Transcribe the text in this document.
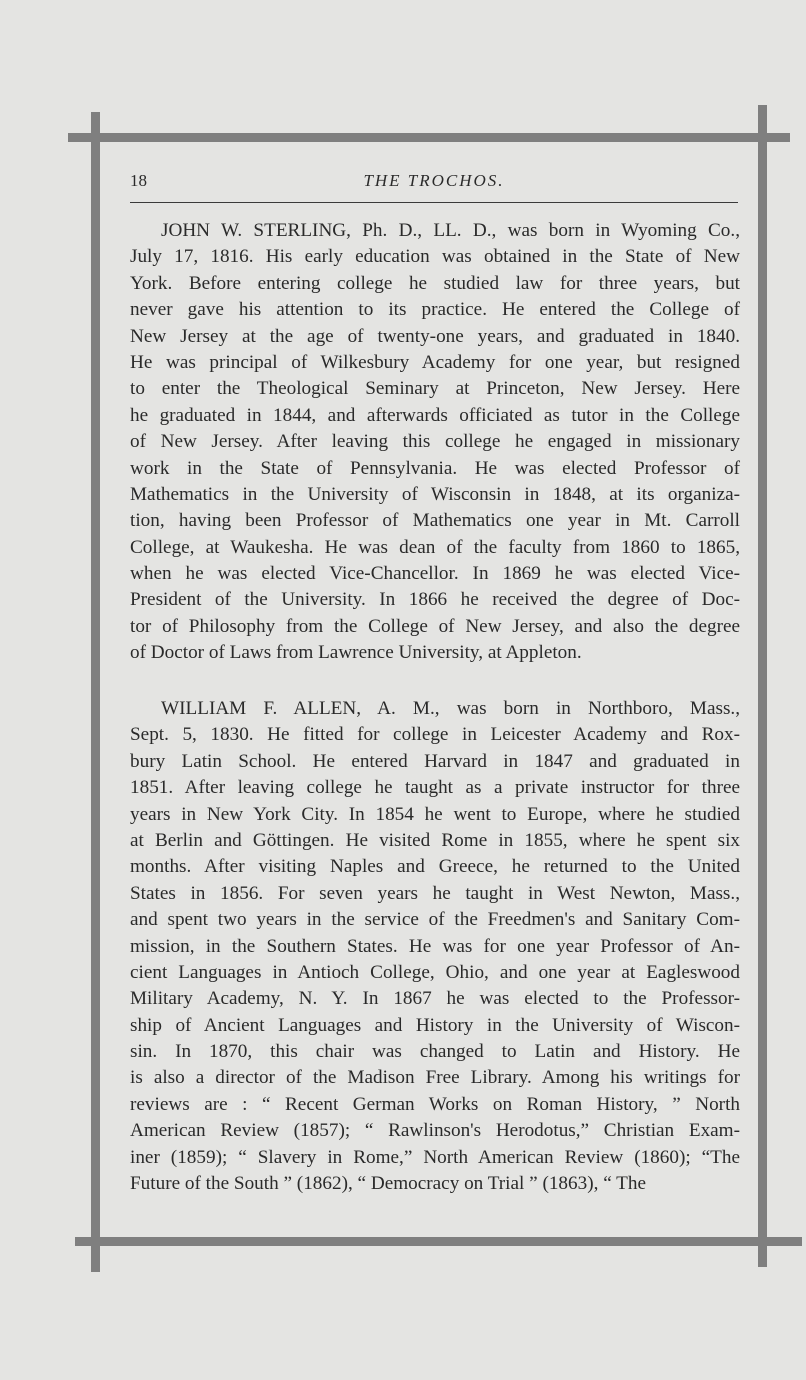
18	THE TROCHOS.
JOHN W. STERLING, Ph. D., LL. D., was born in Wyoming Co.,
July 17, 1816. His early education was obtained in the State of New
York. Before entering college he studied law for three years, but
never gave his attention to its practice. He entered the College of
New Jersey at the age of twenty-one years, and graduated in 1840.
He was principal of Wilkesbury Academy for one year, but resigned
to enter the Theological Seminary at Princeton, New Jersey. Here
he graduated in 1844, and afterwards officiated as tutor in the College
of New Jersey. After leaving this college he engaged in missionary
work in the State of Pennsylvania. He was elected Professor of
Mathematics in the University of Wisconsin in 1848, at its organiza-
tion, having been Professor of Mathematics one year in Mt. Carroll
College, at Waukesha. He was dean of the faculty from 1860 to 1865,
when he was elected Vice-Chancellor. In 1869 he was elected Vice-
President of the University. In 1866 he received the degree of Doc-
tor of Philosophy from the College of New Jersey, and also the degree
of Doctor of Laws from Lawrence University, at Appleton.
WILLIAM F. ALLEN, A. M., was born in Northboro, Mass.,
Sept. 5, 1830. He fitted for college in Leicester Academy and Rox-
bury Latin School. He entered Harvard in 1847 and graduated in
1851. After leaving college he taught as a private instructor for three
years in New York City. In 1854 he went to Europe, where he studied
at Berlin and Göttingen. He visited Rome in 1855, where he spent six
months. After visiting Naples and Greece, he returned to the United
States in 1856. For seven years he taught in West Newton, Mass.,
and spent two years in the service of the Freedmen's and Sanitary Com-
mission, in the Southern States. He was for one year Professor of An-
cient Languages in Antioch College, Ohio, and one year at Eagleswood
Military Academy, N. Y. In 1867 he was elected to the Professor-
ship of Ancient Languages and History in the University of Wiscon-
sin. In 1870, this chair was changed to Latin and History. He
is also a director of the Madison Free Library. Among his writings for
reviews are : “ Recent German Works on Roman History, ” North
American Review (1857); “ Rawlinson's Herodotus,” Christian Exam-
iner (1859); “ Slavery in Rome,” North American Review (1860); “The
Future of the South ” (1862), “ Democracy on Trial ” (1863), “ The
